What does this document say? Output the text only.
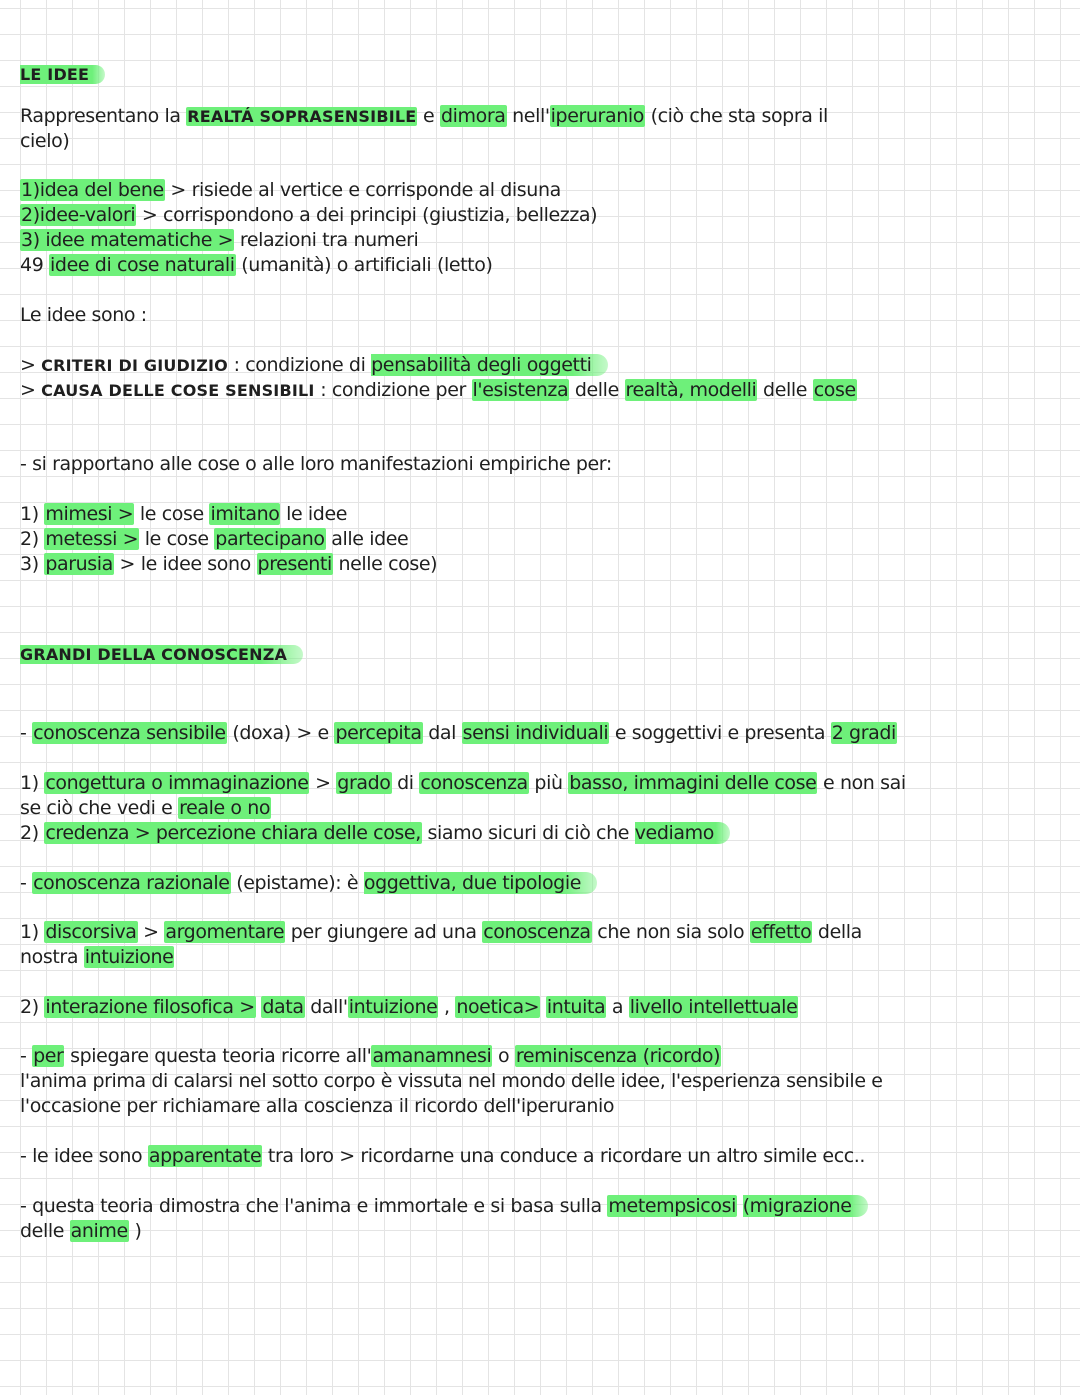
LE IDEE
Rappresentano la REALTÁ SOPRASENSIBILE e dimora nell'iperuranio (ciò che sta sopra il
cielo)
1)idea del bene > risiede al vertice e corrisponde al disuna
2)idee-valori > corrispondono a dei principi (giustizia, bellezza)
3) idee matematiche > relazioni tra numeri
49 idee di cose naturali (umanità) o artificiali (letto)
Le idee sono :
> CRITERI DI GIUDIZIO : condizione di pensabilità degli oggetti
> CAUSA DELLE COSE SENSIBILI : condizione per l'esistenza delle realtà, modelli delle cose
- si rapportano alle cose o alle loro manifestazioni empiriche per:
1) mimesi > le cose imitano le idee
2) metessi > le cose partecipano alle idee
3) parusia > le idee sono presenti nelle cose)
GRANDI DELLA CONOSCENZA
- conoscenza sensibile (doxa) > e percepita dal sensi individuali e soggettivi e presenta 2 gradi
1) congettura o immaginazione > grado di conoscenza più basso, immagini delle cose e non sai
se ciò che vedi e reale o no
2) credenza > percezione chiara delle cose, siamo sicuri di ciò che vediamo
- conoscenza razionale (epistame): è oggettiva, due tipologie
1) discorsiva > argomentare per giungere ad una conoscenza che non sia solo effetto della
nostra intuizione
2) interazione filosofica > data dall'intuizione , noetica> intuita a livello intellettuale
- per spiegare questa teoria ricorre all'amanamnesi o reminiscenza (ricordo)
l'anima prima di calarsi nel sotto corpo è vissuta nel mondo delle idee, l'esperienza sensibile e
l'occasione per richiamare alla coscienza il ricordo dell'iperuranio
- le idee sono apparentate tra loro > ricordarne una conduce a ricordare un altro simile ecc..
- questa teoria dimostra che l'anima e immortale e si basa sulla metempsicosi (migrazione
delle anime )
